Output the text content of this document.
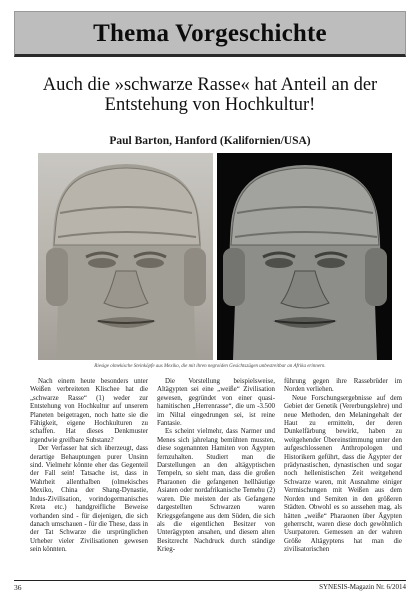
Thema Vorgeschichte
Auch die »schwarze Rasse« hat Anteil an der Entstehung von Hochkultur!
Paul Barton, Hanford (Kalifornien/USA)
Riesige olmekische Steinköpfe aus Mexiko, die mit ihren negroiden Gesichtszügen unbestreitbar an Afrika erinnern.

Nach einem heute besonders unter Weißen verbreiteten Klischee hat die „schwarze Rasse“ (1) weder zur Entstehung von Hochkultur auf unserem Planeten beigetragen, noch hatte sie die Fähigkeit, eigene Hochkulturen zu schaffen. Hat dieses Denkmuster irgendwie greifbare Substanz?

Der Verfasser hat sich überzeugt, dass derartige Behauptungen purer Unsinn sind. Vielmehr könnte eher das Gegenteil der Fall sein! Tatsache ist, dass in Wahrheit allenthalben (olmekisches Mexiko, China der Shang-Dynastie, Indus-Zivilisation, vorindogermanisches Kreta etc.) handgreifliche Beweise vorhanden sind - für diejenigen, die sich danach umschauen - für die These, dass in der Tat Schwarze die ursprünglichen Urheber vieler Zivilisationen gewesen sein könnten.

Die Vorstellung beispielsweise, Altägypten sei eine „weiße“ Zivilisation gewesen, gegründet von einer quasi-hamitischen „Herrenrasse“, die um -3.500 im Niltal eingedrungen sei, ist reine Fantasie.

Es scheint vielmehr, dass Narmer und Menes sich jahrelang bemühten mussten, diese sogenannten Hamiten von Ägypten fernzuhalten. Studiert man die Darstellungen an den altägyptischen Tempeln, so sieht man, dass die großen Pharaonen die gefangenen hellhäutige Asiaten oder nordafrikanische Temehu (2) waren. Die meisten der als Gefangene dargestellten Schwarzen waren Kriegsgefangene aus dem Süden, die sich als die eigentlichen Besitzer von Unterägypten ansahen, und diesem alten Besitzrecht Nachdruck durch ständige Krieg-

führung gegen ihre Rassebrüder im Norden verliehen.

Neue Forschungsergebnisse auf dem Gebiet der Genetik (Vererbungslehre) und neue Methoden, den Melaningehalt der Haut zu ermitteln, der deren Dunkelfärbung bewirkt, haben zu weitgehender Übereinstimmung unter den aufgeschlossenen Anthropologen und Historikern geführt, dass die Ägypter der prädynastischen, dynastischen und sogar noch hellenistischen Zeit weitgehend Schwarze waren, mit Ausnahme einiger Vermischungen mit Weißen aus dem Norden und Semiten in den größeren Städten. Obwohl es so aussehen mag, als hätten „weiße“ Pharaonen über Ägypten geherrscht, waren diese doch gewöhnlich Usurpatoren. Gemessen an der wahren Größe Altägyptens hat man die zivilisatorischen

36	SYNESIS-Magazin Nr. 6/2014
